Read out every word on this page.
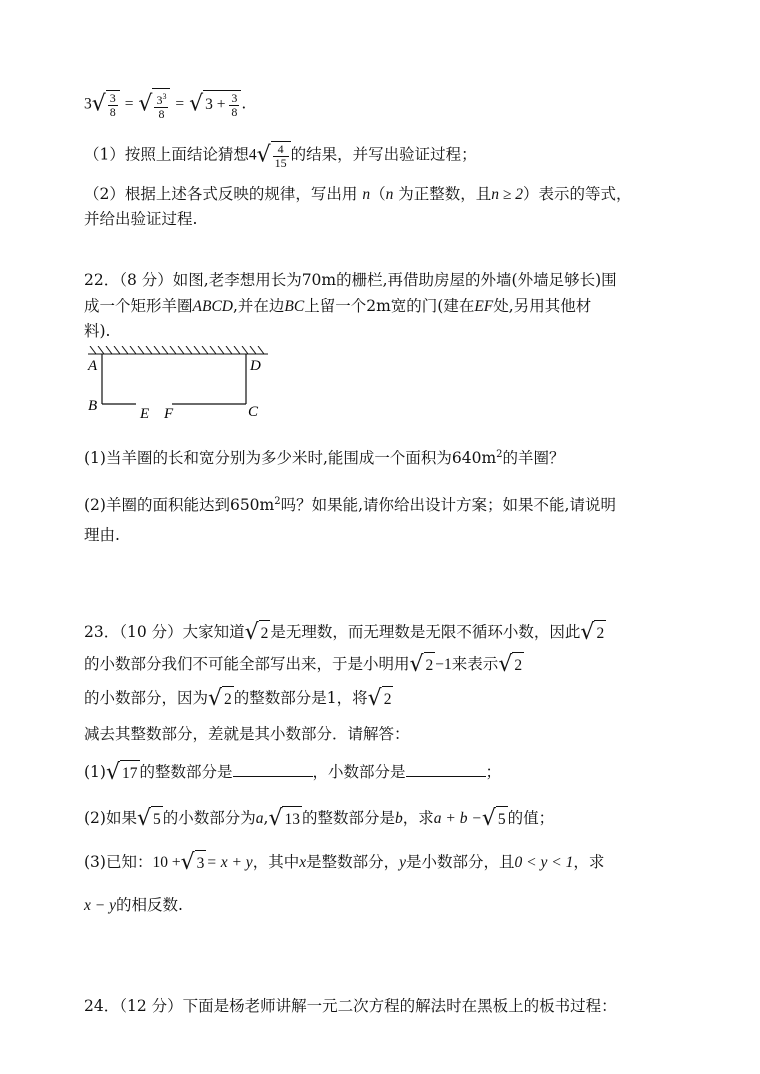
$3√ \frac{3}{8}$ = √ $\frac{3^3}{8}$ = √ $3 + \frac{3}{8}$ .
（1）按照上面结论猜想$4√ \frac{4}{15}$ 的结果，并写出验证过程；
（2）根据上述各式反映的规律，写出用 n（n 为正整数，且n ≥ 2）表示的等式，
并给出验证过程.
22．（8 分）如图,老李想用长为70m的栅栏,再借助房屋的外墙(外墙足够长)围
成一个矩形羊圈ABCD,并在边BC上留一个2m宽的门(建在EF处,另用其他材
料).
A	D
B	C
E F
(1)当羊圈的长和宽分别为多少米时,能围成一个面积为$640m^2$的羊圈？
(2)羊圈的面积能达到$650m^2$吗？如果能,请你给出设计方案；如果不能,请说明
理由.
23．（10 分）大家知道√ 2 是无理数，而无理数是无限不循环小数，因此√ 2
的小数部分我们不可能全部写出来，于是小明用√ 2 −1来表示√ 2
的小数部分，因为√ 2 的整数部分是1，将√ 2
减去其整数部分，差就是其小数部分．请解答：
(1)√ 17 的整数部分是	，小数部分是	；
(2)如果√ 5 的小数部分为a,√ 13 的整数部分是b，求a + b −√ 5 的值；
(3)已知：10 +√ 3 = x + y，其中x是整数部分，y是小数部分，且0 < y < 1，求
x − y的相反数.
24．（12 分）下面是杨老师讲解一元二次方程的解法时在黑板上的板书过程：
